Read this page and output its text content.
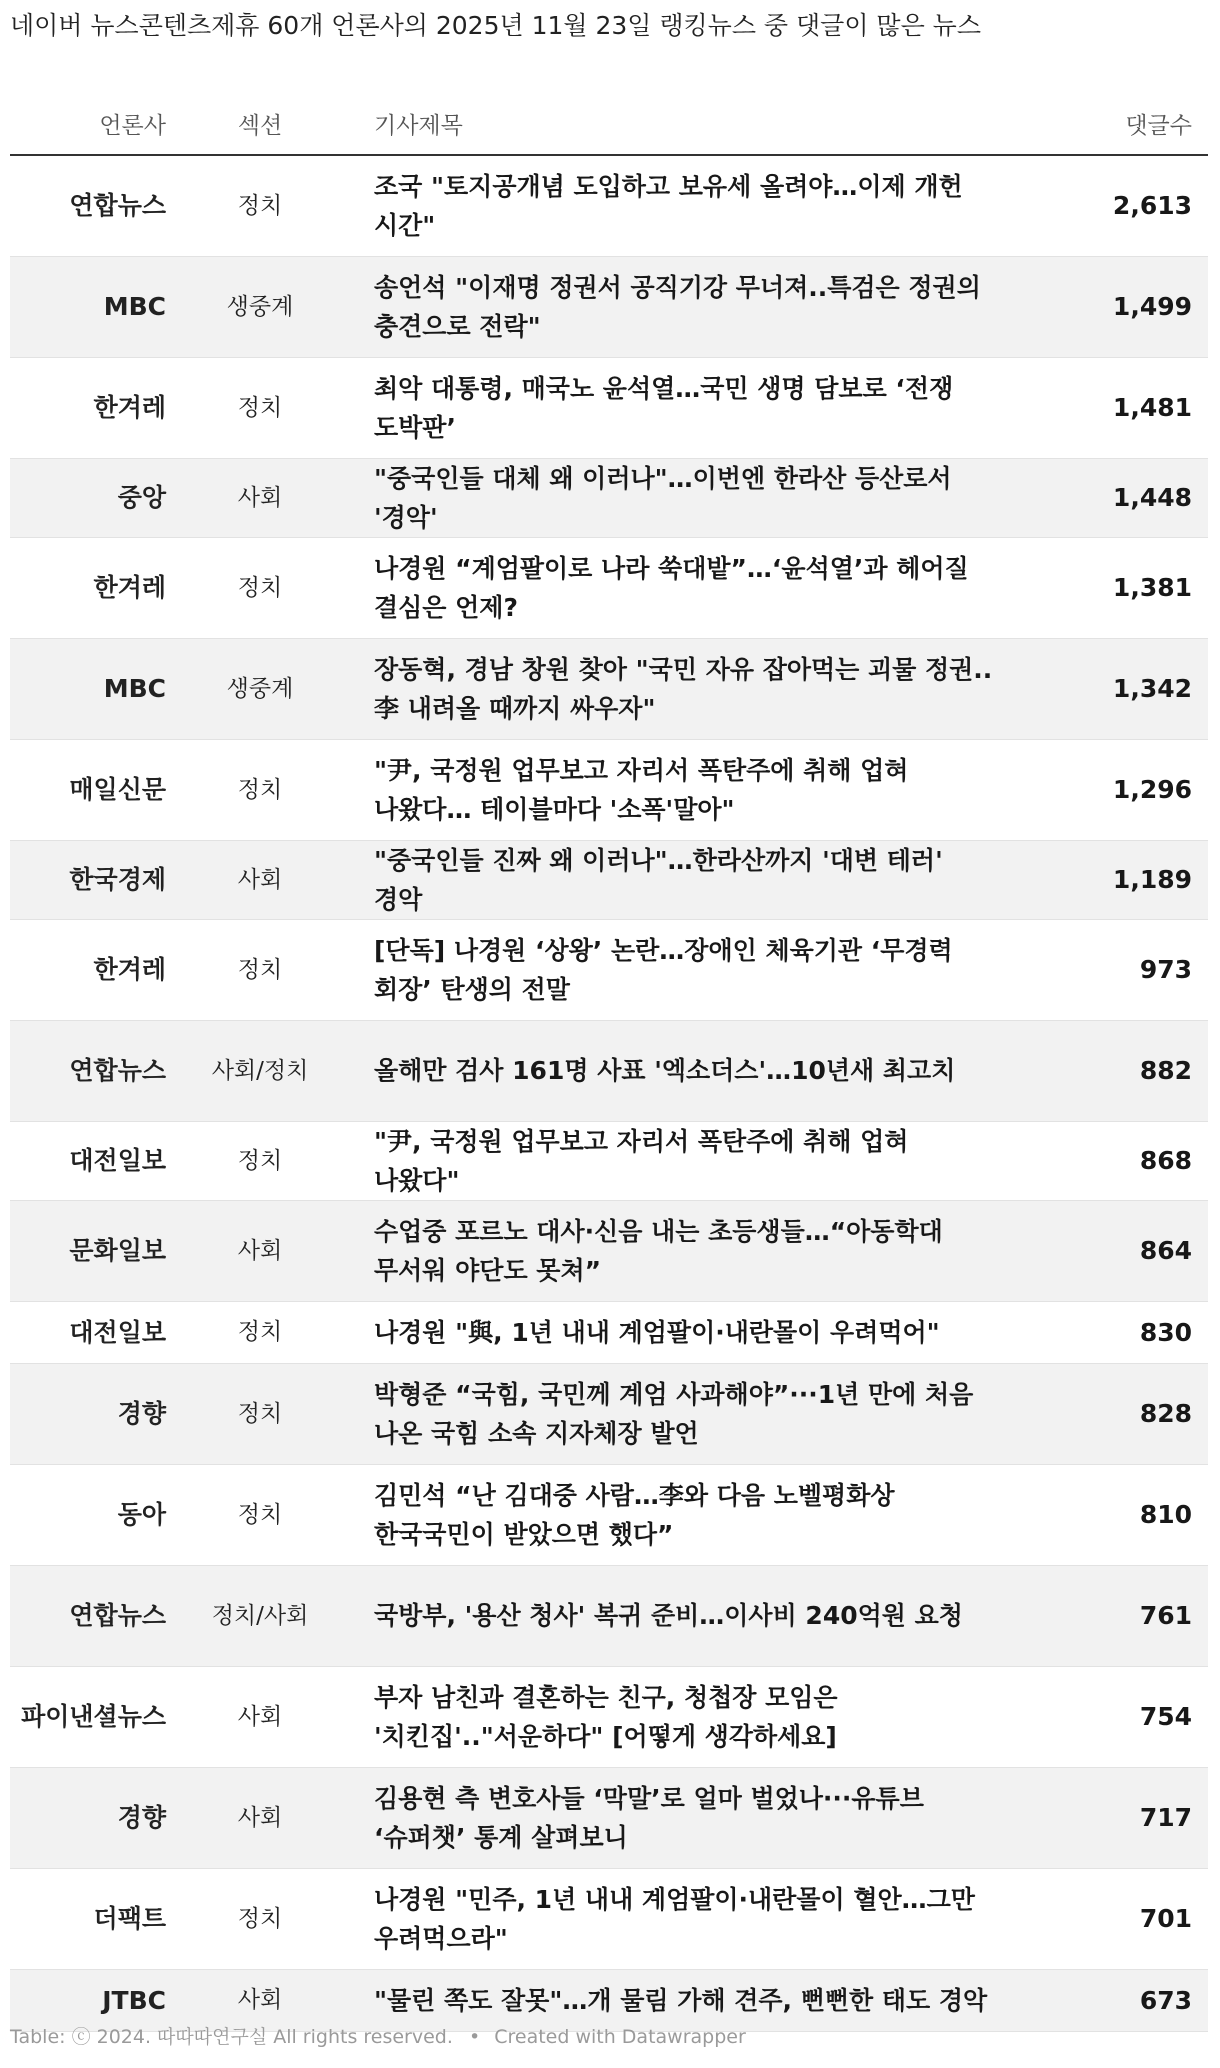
네이버 뉴스콘텐츠제휴 60개 언론사의 2025년 11월 23일 랭킹뉴스 중 댓글이 많은 뉴스
언론사	섹션	기사제목	댓글수
연합뉴스	정치	조국 "토지공개념 도입하고 보유세 올려야…이제 개헌 시간"	2,613
MBC	생중계	송언석 "이재명 정권서 공직기강 무너져..특검은 정권의 충견으로 전락"	1,499
한겨레	정치	최악 대통령, 매국노 윤석열…국민 생명 담보로 ‘전쟁 도박판’	1,481
중앙	사회	"중국인들 대체 왜 이러나"…이번엔 한라산 등산로서 '경악'	1,448
한겨레	정치	나경원 “계엄팔이로 나라 쑥대밭”…‘윤석열’과 헤어질 결심은 언제?	1,381
MBC	생중계	장동혁, 경남 창원 찾아 "국민 자유 잡아먹는 괴물 정권..李 내려올 때까지 싸우자"	1,342
매일신문	정치	"尹, 국정원 업무보고 자리서 폭탄주에 취해 업혀 나왔다… 테이블마다 '소폭'말아"	1,296
한국경제	사회	"중국인들 진짜 왜 이러나"…한라산까지 '대변 테러' 경악	1,189
한겨레	정치	[단독] 나경원 ‘상왕’ 논란…장애인 체육기관 ‘무경력 회장’ 탄생의 전말	973
연합뉴스	사회/정치	올해만 검사 161명 사표 '엑소더스'…10년새 최고치	882
대전일보	정치	"尹, 국정원 업무보고 자리서 폭탄주에 취해 업혀 나왔다"	868
문화일보	사회	수업중 포르노 대사·신음 내는 초등생들…“아동학대 무서워 야단도 못쳐”	864
대전일보	정치	나경원 "與, 1년 내내 계엄팔이·내란몰이 우려먹어"	830
경향	정치	박형준 “국힘, 국민께 계엄 사과해야”···1년 만에 처음 나온 국힘 소속 지자체장 발언	828
동아	정치	김민석 “난 김대중 사람…李와 다음 노벨평화상 한국국민이 받았으면 했다”	810
연합뉴스	정치/사회	국방부, '용산 청사' 복귀 준비…이사비 240억원 요청	761
파이낸셜뉴스	사회	부자 남친과 결혼하는 친구, 청첩장 모임은 '치킨집'.."서운하다" [어떻게 생각하세요]	754
경향	사회	김용현 측 변호사들 ‘막말’로 얼마 벌었나···유튜브 ‘슈퍼챗’ 통계 살펴보니	717
더팩트	정치	나경원 "민주, 1년 내내 계엄팔이·내란몰이 혈안…그만 우려먹으라"	701
JTBC	사회	"물린 쪽도 잘못"…개 물림 가해 견주, 뻔뻔한 태도 경악	673
Table: ⓒ 2024. 따따따연구실 All rights reserved. • Created with Datawrapper
